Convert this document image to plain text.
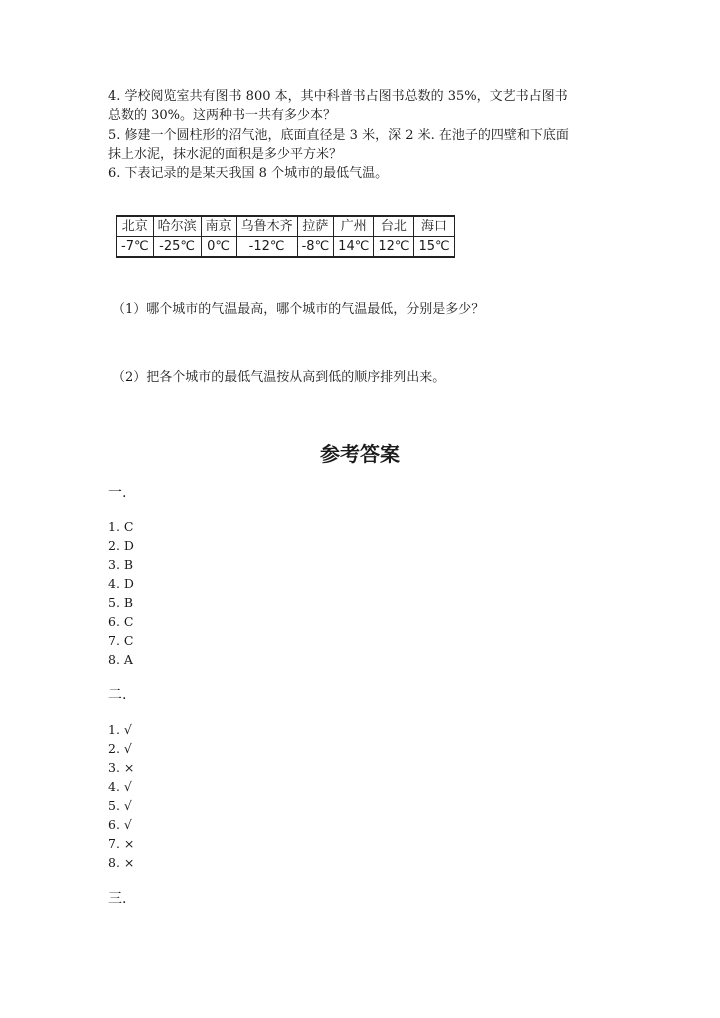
4. 学校阅览室共有图书 800 本，其中科普书占图书总数的 35%，文艺书占图书
总数的 30%。这两种书一共有多少本？
5. 修建一个圆柱形的沼气池，底面直径是 3 米，深 2 米. 在池子的四壁和下底面
抹上水泥，抹水泥的面积是多少平方米？
6. 下表记录的是某天我国 8 个城市的最低气温。
北京	哈尔滨	南京	乌鲁木齐	拉萨	广州	台北	海口
-7℃	-25℃	0℃	-12℃	-8℃	14℃	12℃	15℃
（1）哪个城市的气温最高，哪个城市的气温最低，分别是多少？
（2）把各个城市的最低气温按从高到低的顺序排列出来。
参考答案
一.
1. C
2. D
3. B
4. D
5. B
6. C
7. C
8. A
二.
1. √
2. √
3. ×
4. √
5. √
6. √
7. ×
8. ×
三.
